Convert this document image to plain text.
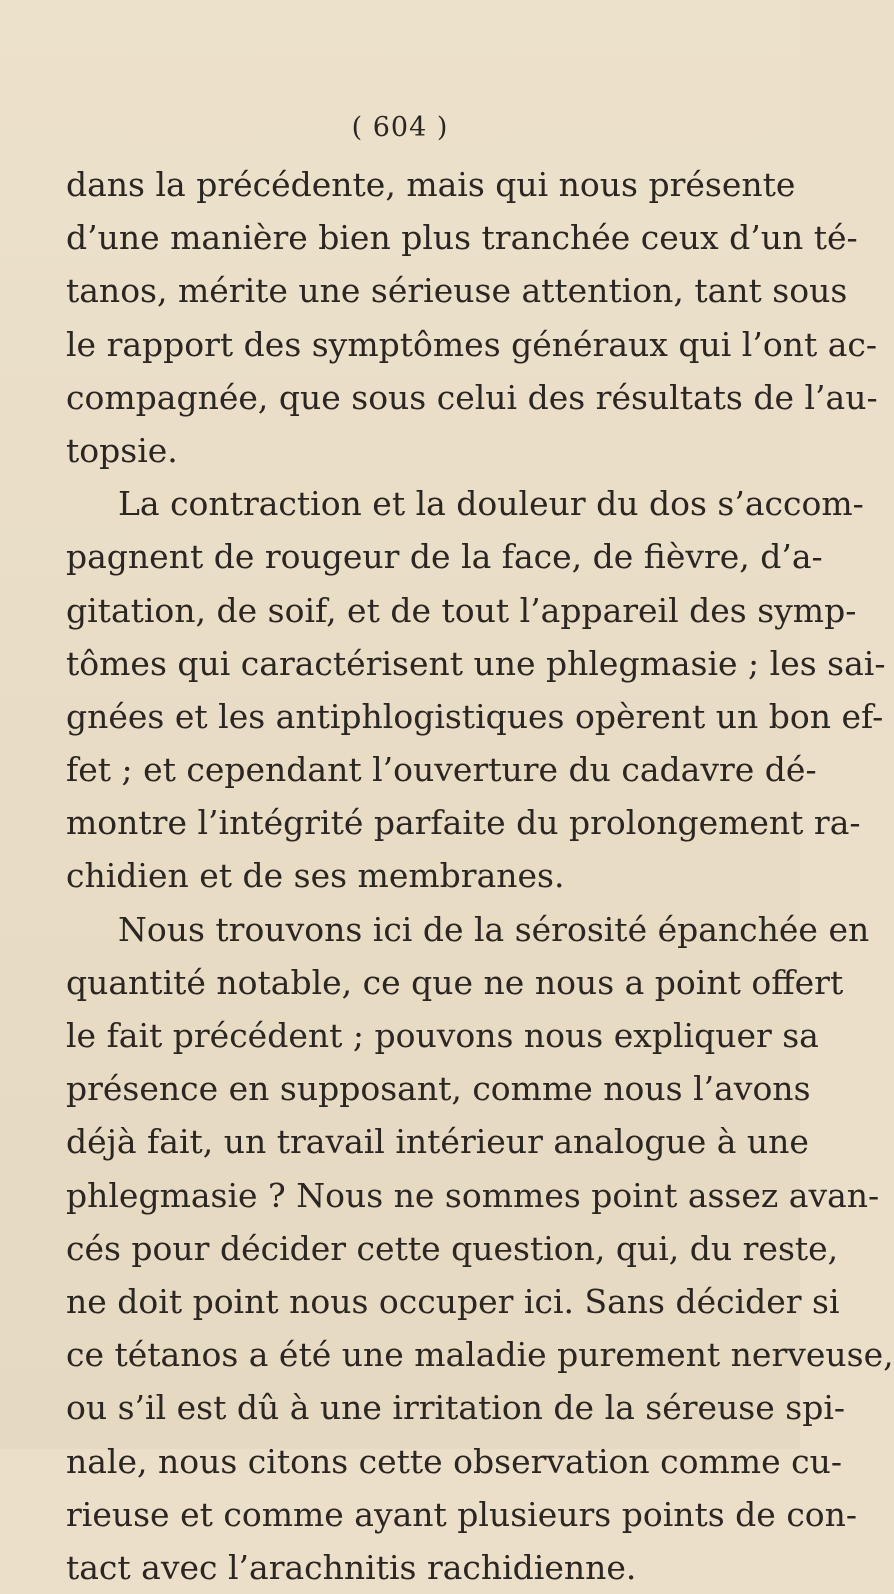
( 604 )
dans la précédente, mais qui nous présente
d’une manière bien plus tranchée ceux d’un té-
tanos, mérite une sérieuse attention, tant sous
le rapport des symptômes généraux qui l’ont ac-
compagnée, que sous celui des résultats de l’au-
topsie.
La contraction et la douleur du dos s’accom-
pagnent de rougeur de la face, de fièvre, d’a-
gitation, de soif, et de tout l’appareil des symp-
tômes qui caractérisent une phlegmasie ; les sai-
gnées et les antiphlogistiques opèrent un bon ef-
fet ; et cependant l’ouverture du cadavre dé-
montre l’intégrité parfaite du prolongement ra-
chidien et de ses membranes.
Nous trouvons ici de la sérosité épanchée en
quantité notable, ce que ne nous a point offert
le fait précédent ; pouvons nous expliquer sa
présence en supposant, comme nous l’avons
déjà fait, un travail intérieur analogue à une
phlegmasie ? Nous ne sommes point assez avan-
cés pour décider cette question, qui, du reste,
ne doit point nous occuper ici. Sans décider si
ce tétanos a été une maladie purement nerveuse,
ou s’il est dû à une irritation de la séreuse spi-
nale, nous citons cette observation comme cu-
rieuse et comme ayant plusieurs points de con-
tact avec l’arachnitis rachidienne.
